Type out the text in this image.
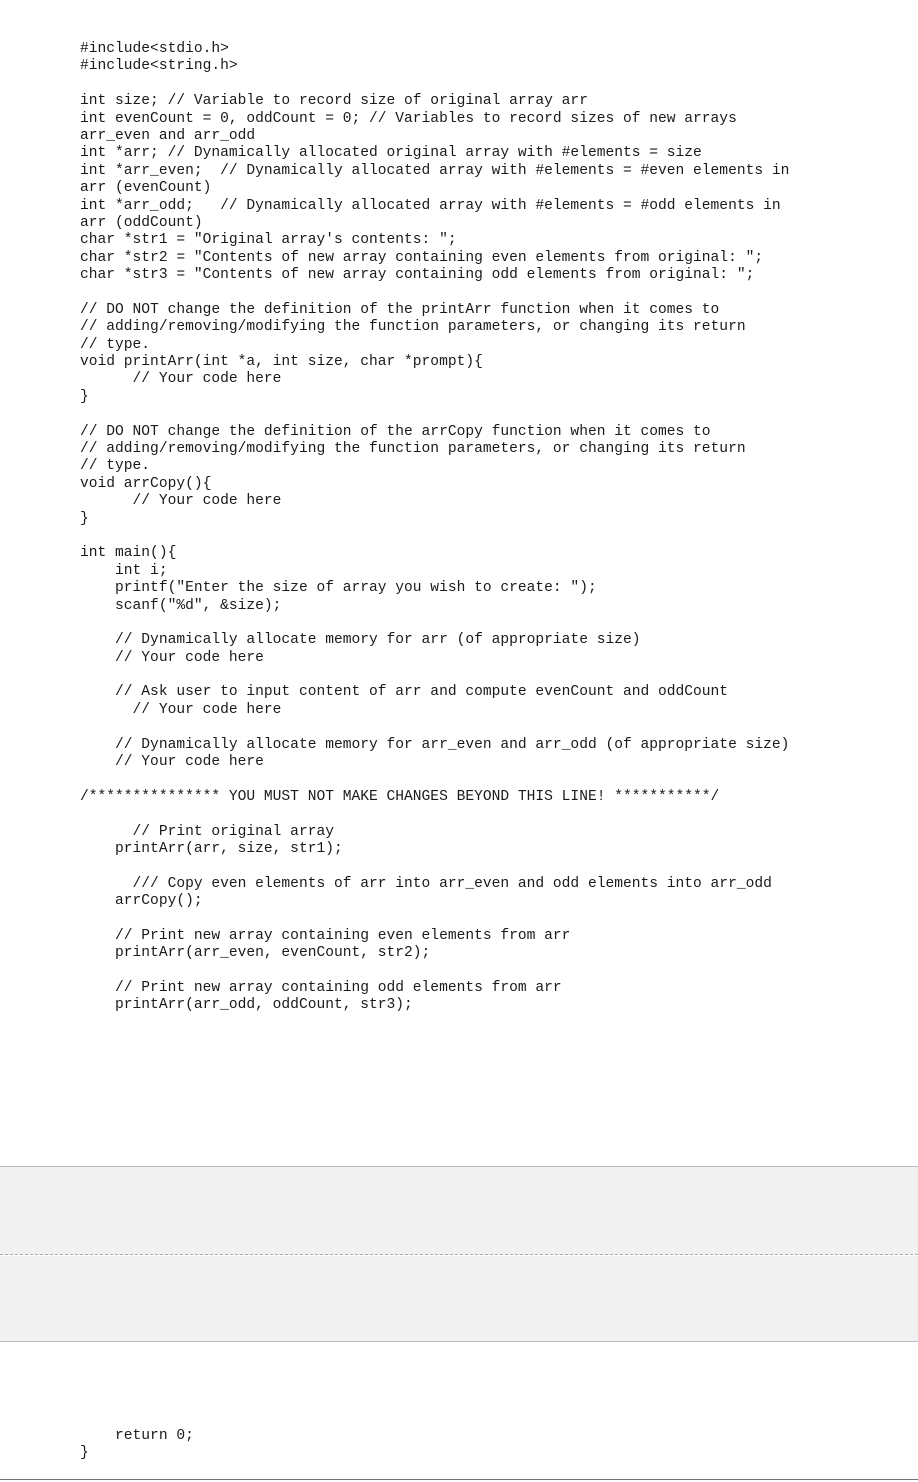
#include<stdio.h>
#include<string.h>
int size; // Variable to record size of original array arr
int evenCount = 0, oddCount = 0; // Variables to record sizes of new arrays
arr_even and arr_odd
int *arr; // Dynamically allocated original array with #elements = size
int *arr_even;  // Dynamically allocated array with #elements = #even elements in
arr (evenCount)
int *arr_odd;   // Dynamically allocated array with #elements = #odd elements in
arr (oddCount)
char *str1 = "Original array's contents: ";
char *str2 = "Contents of new array containing even elements from original: ";
char *str3 = "Contents of new array containing odd elements from original: ";
// DO NOT change the definition of the printArr function when it comes to
// adding/removing/modifying the function parameters, or changing its return
// type.
void printArr(int *a, int size, char *prompt){
// Your code here
}
// DO NOT change the definition of the arrCopy function when it comes to
// adding/removing/modifying the function parameters, or changing its return
// type.
void arrCopy(){
// Your code here
}
int main(){
int i;
printf("Enter the size of array you wish to create: ");
scanf("%d", &size);
// Dynamically allocate memory for arr (of appropriate size)
// Your code here
// Ask user to input content of arr and compute evenCount and oddCount
// Your code here
// Dynamically allocate memory for arr_even and arr_odd (of appropriate size)
// Your code here
/*************** YOU MUST NOT MAKE CHANGES BEYOND THIS LINE! ***********/
// Print original array
printArr(arr, size, str1);
/// Copy even elements of arr into arr_even and odd elements into arr_odd
arrCopy();
// Print new array containing even elements from arr
printArr(arr_even, evenCount, str2);
// Print new array containing odd elements from arr
printArr(arr_odd, oddCount, str3);
return 0;
}
